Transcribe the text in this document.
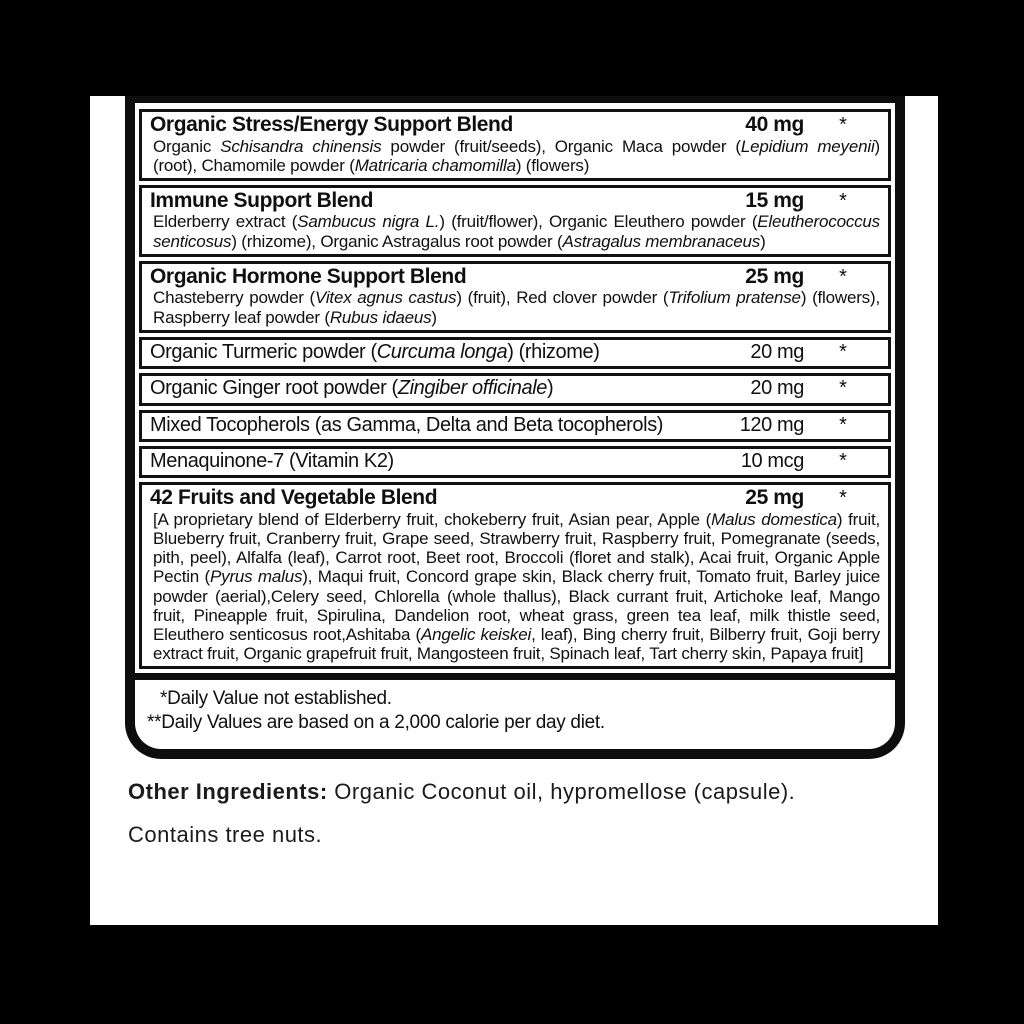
Organic Stress/Energy Support Blend	40 mg	*
Organic Schisandra chinensis powder (fruit/seeds), Organic Maca powder (Lepidium meyenii) (root), Chamomile powder (Matricaria chamomilla) (flowers)
Immune Support Blend	15 mg	*
Elderberry extract (Sambucus nigra L.) (fruit/flower), Organic Eleuthero powder (Eleutherococcus senticosus) (rhizome), Organic Astragalus root powder (Astragalus membranaceus)
Organic Hormone Support Blend	25 mg	*
Chasteberry powder (Vitex agnus castus) (fruit), Red clover powder (Trifolium pratense) (flowers), Raspberry leaf powder (Rubus idaeus)
Organic Turmeric powder (Curcuma longa) (rhizome)	20 mg	*
Organic Ginger root powder (Zingiber officinale)	20 mg	*
Mixed Tocopherols (as Gamma, Delta and Beta tocopherols)	120 mg	*
Menaquinone-7 (Vitamin K2)	10 mcg	*
42 Fruits and Vegetable Blend	25 mg	*
[A proprietary blend of Elderberry fruit, chokeberry fruit, Asian pear, Apple (Malus domestica) fruit, Blueberry fruit, Cranberry fruit, Grape seed, Strawberry fruit, Raspberry fruit, Pomegranate (seeds, pith, peel), Alfalfa (leaf), Carrot root, Beet root, Broccoli (floret and stalk), Acai fruit, Organic Apple Pectin (Pyrus malus), Maqui fruit, Concord grape skin, Black cherry fruit, Tomato fruit, Barley juice powder (aerial),Celery seed, Chlorella (whole thallus), Black currant fruit, Artichoke leaf, Mango fruit, Pineapple fruit, Spirulina, Dandelion root, wheat grass, green tea leaf, milk thistle seed, Eleuthero senticosus root,Ashitaba (Angelic keiskei, leaf), Bing cherry fruit, Bilberry fruit, Goji berry extract fruit, Organic grapefruit fruit, Mangosteen fruit, Spinach leaf, Tart cherry skin, Papaya fruit]
*Daily Value not established.
**Daily Values are based on a 2,000 calorie per day diet.
Other Ingredients: Organic Coconut oil, hypromellose (capsule).
Contains tree nuts.
